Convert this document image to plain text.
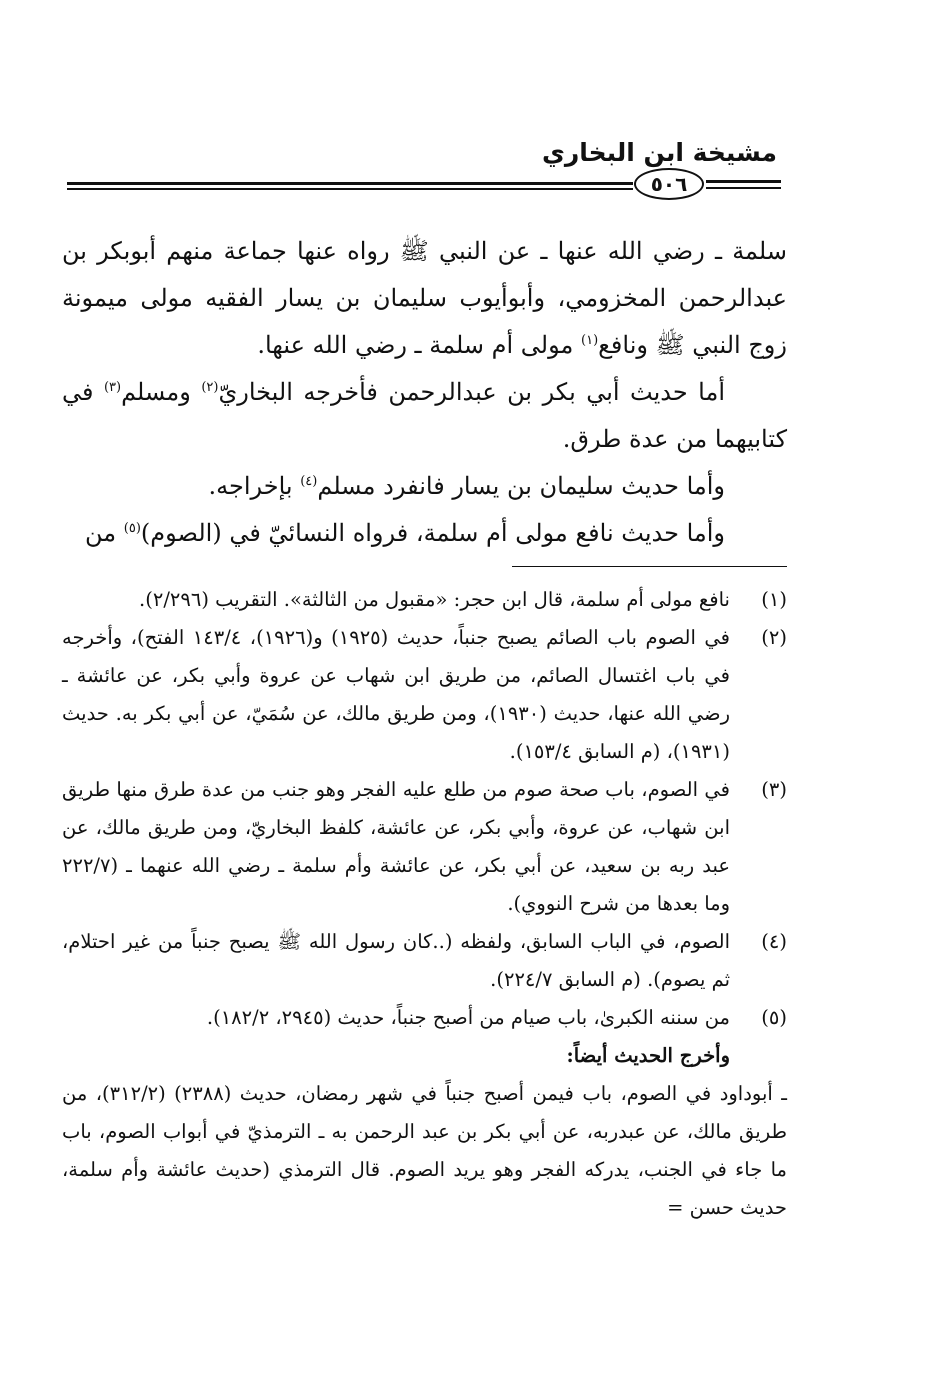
مشيخة ابن البخاري
٥٠٦

سلمة ـ رضي الله عنها ـ عن النبي ﷺ رواه عنها جماعة منهم أبوبكر بن عبدالرحمن المخزومي، وأبوأيوب سليمان بن يسار الفقيه مولى ميمونة زوج النبي ﷺ ونافع$^{(١)}$ مولى أم سلمة ـ رضي الله عنها.

أما حديث أبي بكر بن عبدالرحمن فأخرجه البخاريّ$^{(٢)}$ ومسلم$^{(٣)}$ في كتابيهما من عدة طرق.

وأما حديث سليمان بن يسار فانفرد مسلم$^{(٤)}$ بإخراجه.

وأما حديث نافع مولى أم سلمة، فرواه النسائيّ في (الصوم)$^{(٥)}$ من

(١)
نافع مولى أم سلمة، قال ابن حجر: «مقبول من الثالثة». التقريب (٢/٢٩٦).
(٢)
في الصوم باب الصائم يصبح جنباً، حديث (١٩٢٥) و(١٩٢٦)، ١٤٣/٤ الفتح)، وأخرجه في باب اغتسال الصائم، من طريق ابن شهاب عن عروة وأبي بكر، عن عائشة ـ رضي الله عنها، حديث (١٩٣٠)، ومن طريق مالك، عن سُمَيّ، عن أبي بكر به. حديث (١٩٣١)، (م السابق ١٥٣/٤).
(٣)
في الصوم، باب صحة صوم من طلع عليه الفجر وهو جنب من عدة طرق منها طريق ابن شهاب، عن عروة، وأبي بكر، عن عائشة، كلفظ البخاريّ، ومن طريق مالك، عن عبد ربه بن سعيد، عن أبي بكر، عن عائشة وأم سلمة ـ رضي الله عنهما ـ (٢٢٢/٧ وما بعدها من شرح النووي).
(٤)
الصوم، في الباب السابق، ولفظه (..كان رسول الله ﷺ يصبح جنباً من غير احتلام، ثم يصوم). (م السابق ٢٢٤/٧).
(٥)
من سننه الكبرىٰ، باب صيام من أصبح جنباً، حديث (٢٩٤٥، ١٨٢/٢).
وأخرج الحديث أيضاً:
ـ أبوداود في الصوم، باب فيمن أصبح جنباً في شهر رمضان، حديث (٢٣٨٨) (٣١٢/٢)، من طريق مالك، عن عبدربه، عن أبي بكر بن عبد الرحمن به ـ الترمذيّ في أبواب الصوم، باب ما جاء في الجنب، يدركه الفجر وهو يريد الصوم. قال الترمذي (حديث عائشة وأم سلمة، حديث حسن =
